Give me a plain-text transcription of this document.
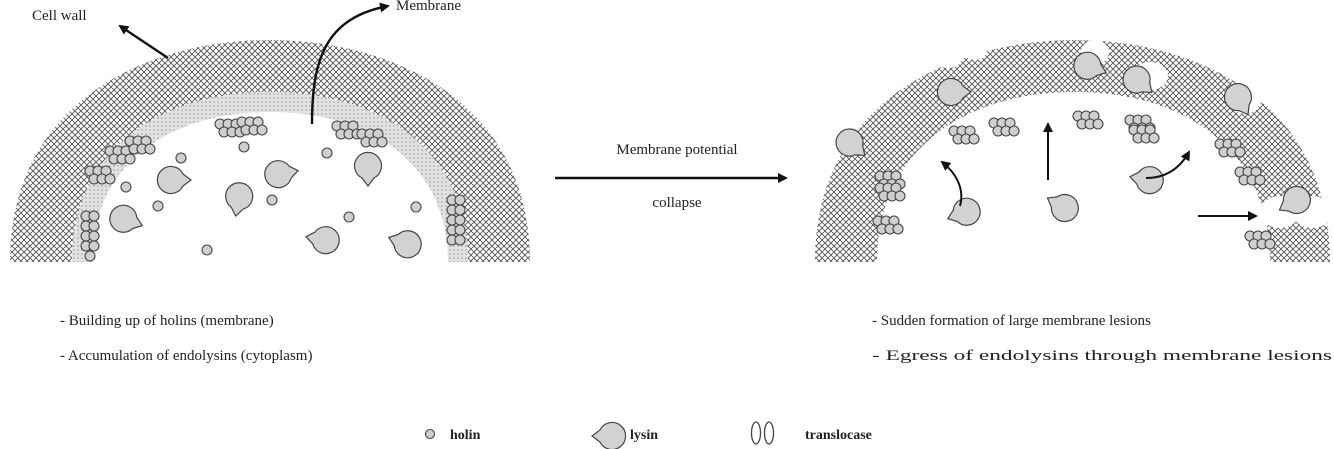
Cell wall
Membrane
Membrane potential
collapse
- Building up of holins (membrane)
- Accumulation of endolysins (cytoplasm)
- Sudden formation of large membrane lesions
- Egress of endolysins through membrane lesions
holin	lysin	translocase
